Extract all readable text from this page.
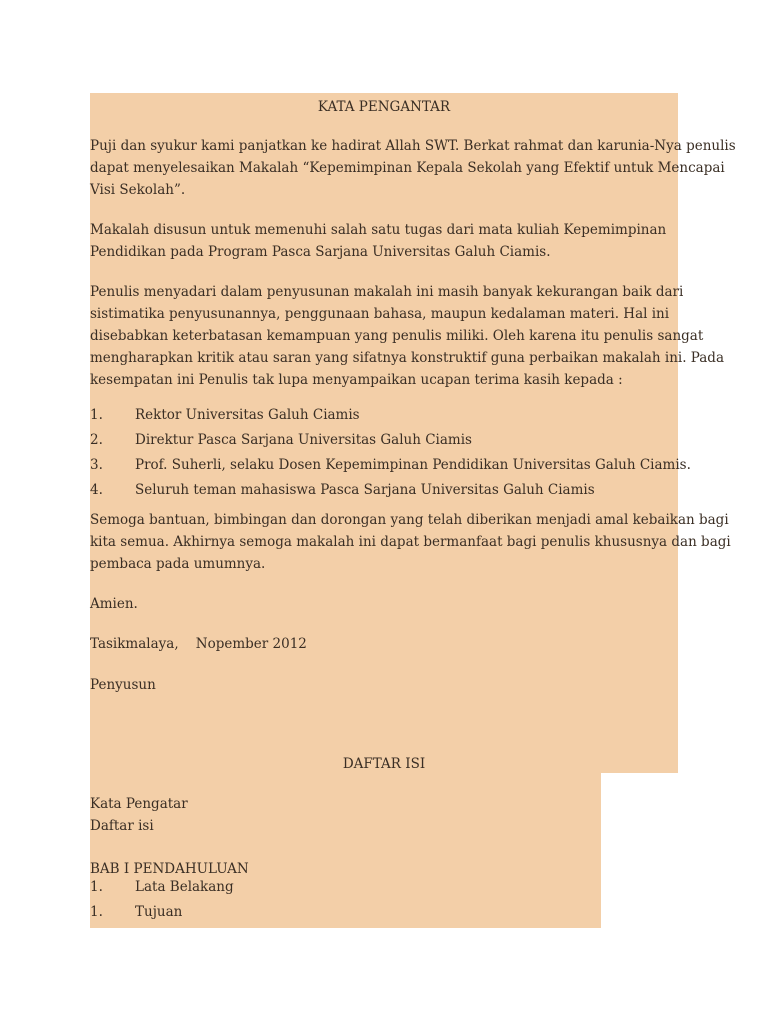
KATA PENGANTAR

Puji dan syukur kami panjatkan ke hadirat Allah SWT. Berkat rahmat dan karunia-Nya penulis
dapat menyelesaikan Makalah “Kepemimpinan Kepala Sekolah yang Efektif untuk Mencapai
Visi Sekolah”.
Makalah disusun untuk memenuhi salah satu tugas dari mata kuliah Kepemimpinan
Pendidikan pada Program Pasca Sarjana Universitas Galuh Ciamis.
Penulis menyadari dalam penyusunan makalah ini masih banyak kekurangan baik dari
sistimatika penyusunannya, penggunaan bahasa, maupun kedalaman materi. Hal ini
disebabkan keterbatasan kemampuan yang penulis miliki. Oleh karena itu penulis sangat
mengharapkan kritik atau saran yang sifatnya konstruktif guna perbaikan makalah ini. Pada
kesempatan ini Penulis tak lupa menyampaikan ucapan terima kasih kepada :
1. Rektor Universitas Galuh Ciamis
2. Direktur Pasca Sarjana Universitas Galuh Ciamis
3. Prof. Suherli, selaku Dosen Kepemimpinan Pendidikan Universitas Galuh Ciamis.
4. Seluruh teman mahasiswa Pasca Sarjana Universitas Galuh Ciamis
Semoga bantuan, bimbingan dan dorongan yang telah diberikan menjadi amal kebaikan bagi
kita semua. Akhirnya semoga makalah ini dapat bermanfaat bagi penulis khususnya dan bagi
pembaca pada umumnya.

Amien.

Tasikmalaya,    Nopember 2012

Penyusun

DAFTAR ISI

Kata Pengatar

Daftar isi

BAB I PENDAHULUAN

1. Lata Belakang
1. Tujuan
